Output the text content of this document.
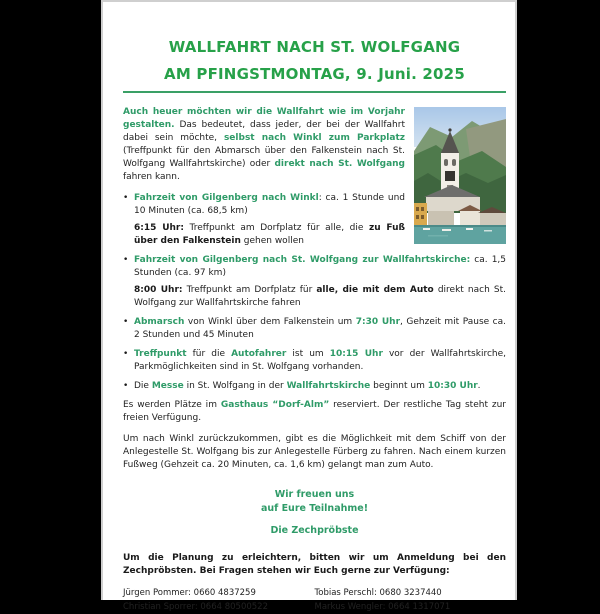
WALLFAHRT NACH ST. WOLFGANG
AM PFINGSTMONTAG, 9. Juni. 2025

Auch heuer möchten wir die Wallfahrt wie im Vorjahr gestalten. Das bedeutet, dass jeder, der bei der Wallfahrt dabei sein möchte, selbst nach Winkl zum Parkplatz (Treffpunkt für den Abmarsch über den Falkenstein nach St. Wolfgang Wallfahrtskirche) oder direkt nach St. Wolfgang fahren kann.

• Fahrzeit von Gilgenberg nach Winkl: ca. 1 Stunde und 10 Minuten (ca. 68,5 km)
6:15 Uhr: Treffpunkt am Dorfplatz für alle, die zu Fuß über den Falkenstein gehen wollen
• Fahrzeit von Gilgenberg nach St. Wolfgang zur Wallfahrtskirche: ca. 1,5 Stunden (ca. 97 km)
8:00 Uhr: Treffpunkt am Dorfplatz für alle, die mit dem Auto direkt nach St. Wolfgang zur Wallfahrtskirche fahren
• Abmarsch von Winkl über dem Falkenstein um 7:30 Uhr, Gehzeit mit Pause ca. 2 Stunden und 45 Minuten
• Treffpunkt für die Autofahrer ist um 10:15 Uhr vor der Wallfahrtskirche, Parkmöglichkeiten sind in St. Wolfgang vorhanden.
• Die Messe in St. Wolfgang in der Wallfahrtskirche beginnt um 10:30 Uhr.

Es werden Plätze im Gasthaus “Dorf-Alm” reserviert. Der restliche Tag steht zur freien Verfügung.

Um nach Winkl zurückzukommen, gibt es die Möglichkeit mit dem Schiff von der Anlegestelle St. Wolfgang bis zur Anlegestelle Fürberg zu fahren. Nach einem kurzen Fußweg (Gehzeit ca. 20 Minuten, ca. 1,6 km) gelangt man zum Auto.

Wir freuen uns
auf Eure Teilnahme!
Die Zechpröbste

Um die Planung zu erleichtern, bitten wir um Anmeldung bei den Zechpröbsten. Bei Fragen stehen wir Euch gerne zur Verfügung:

Jürgen Pommer: 0660 4837259
Christian Sporrer: 0664 80500522
Tobias Perschl: 0680 3237440
Markus Wengler: 0664 1317071
